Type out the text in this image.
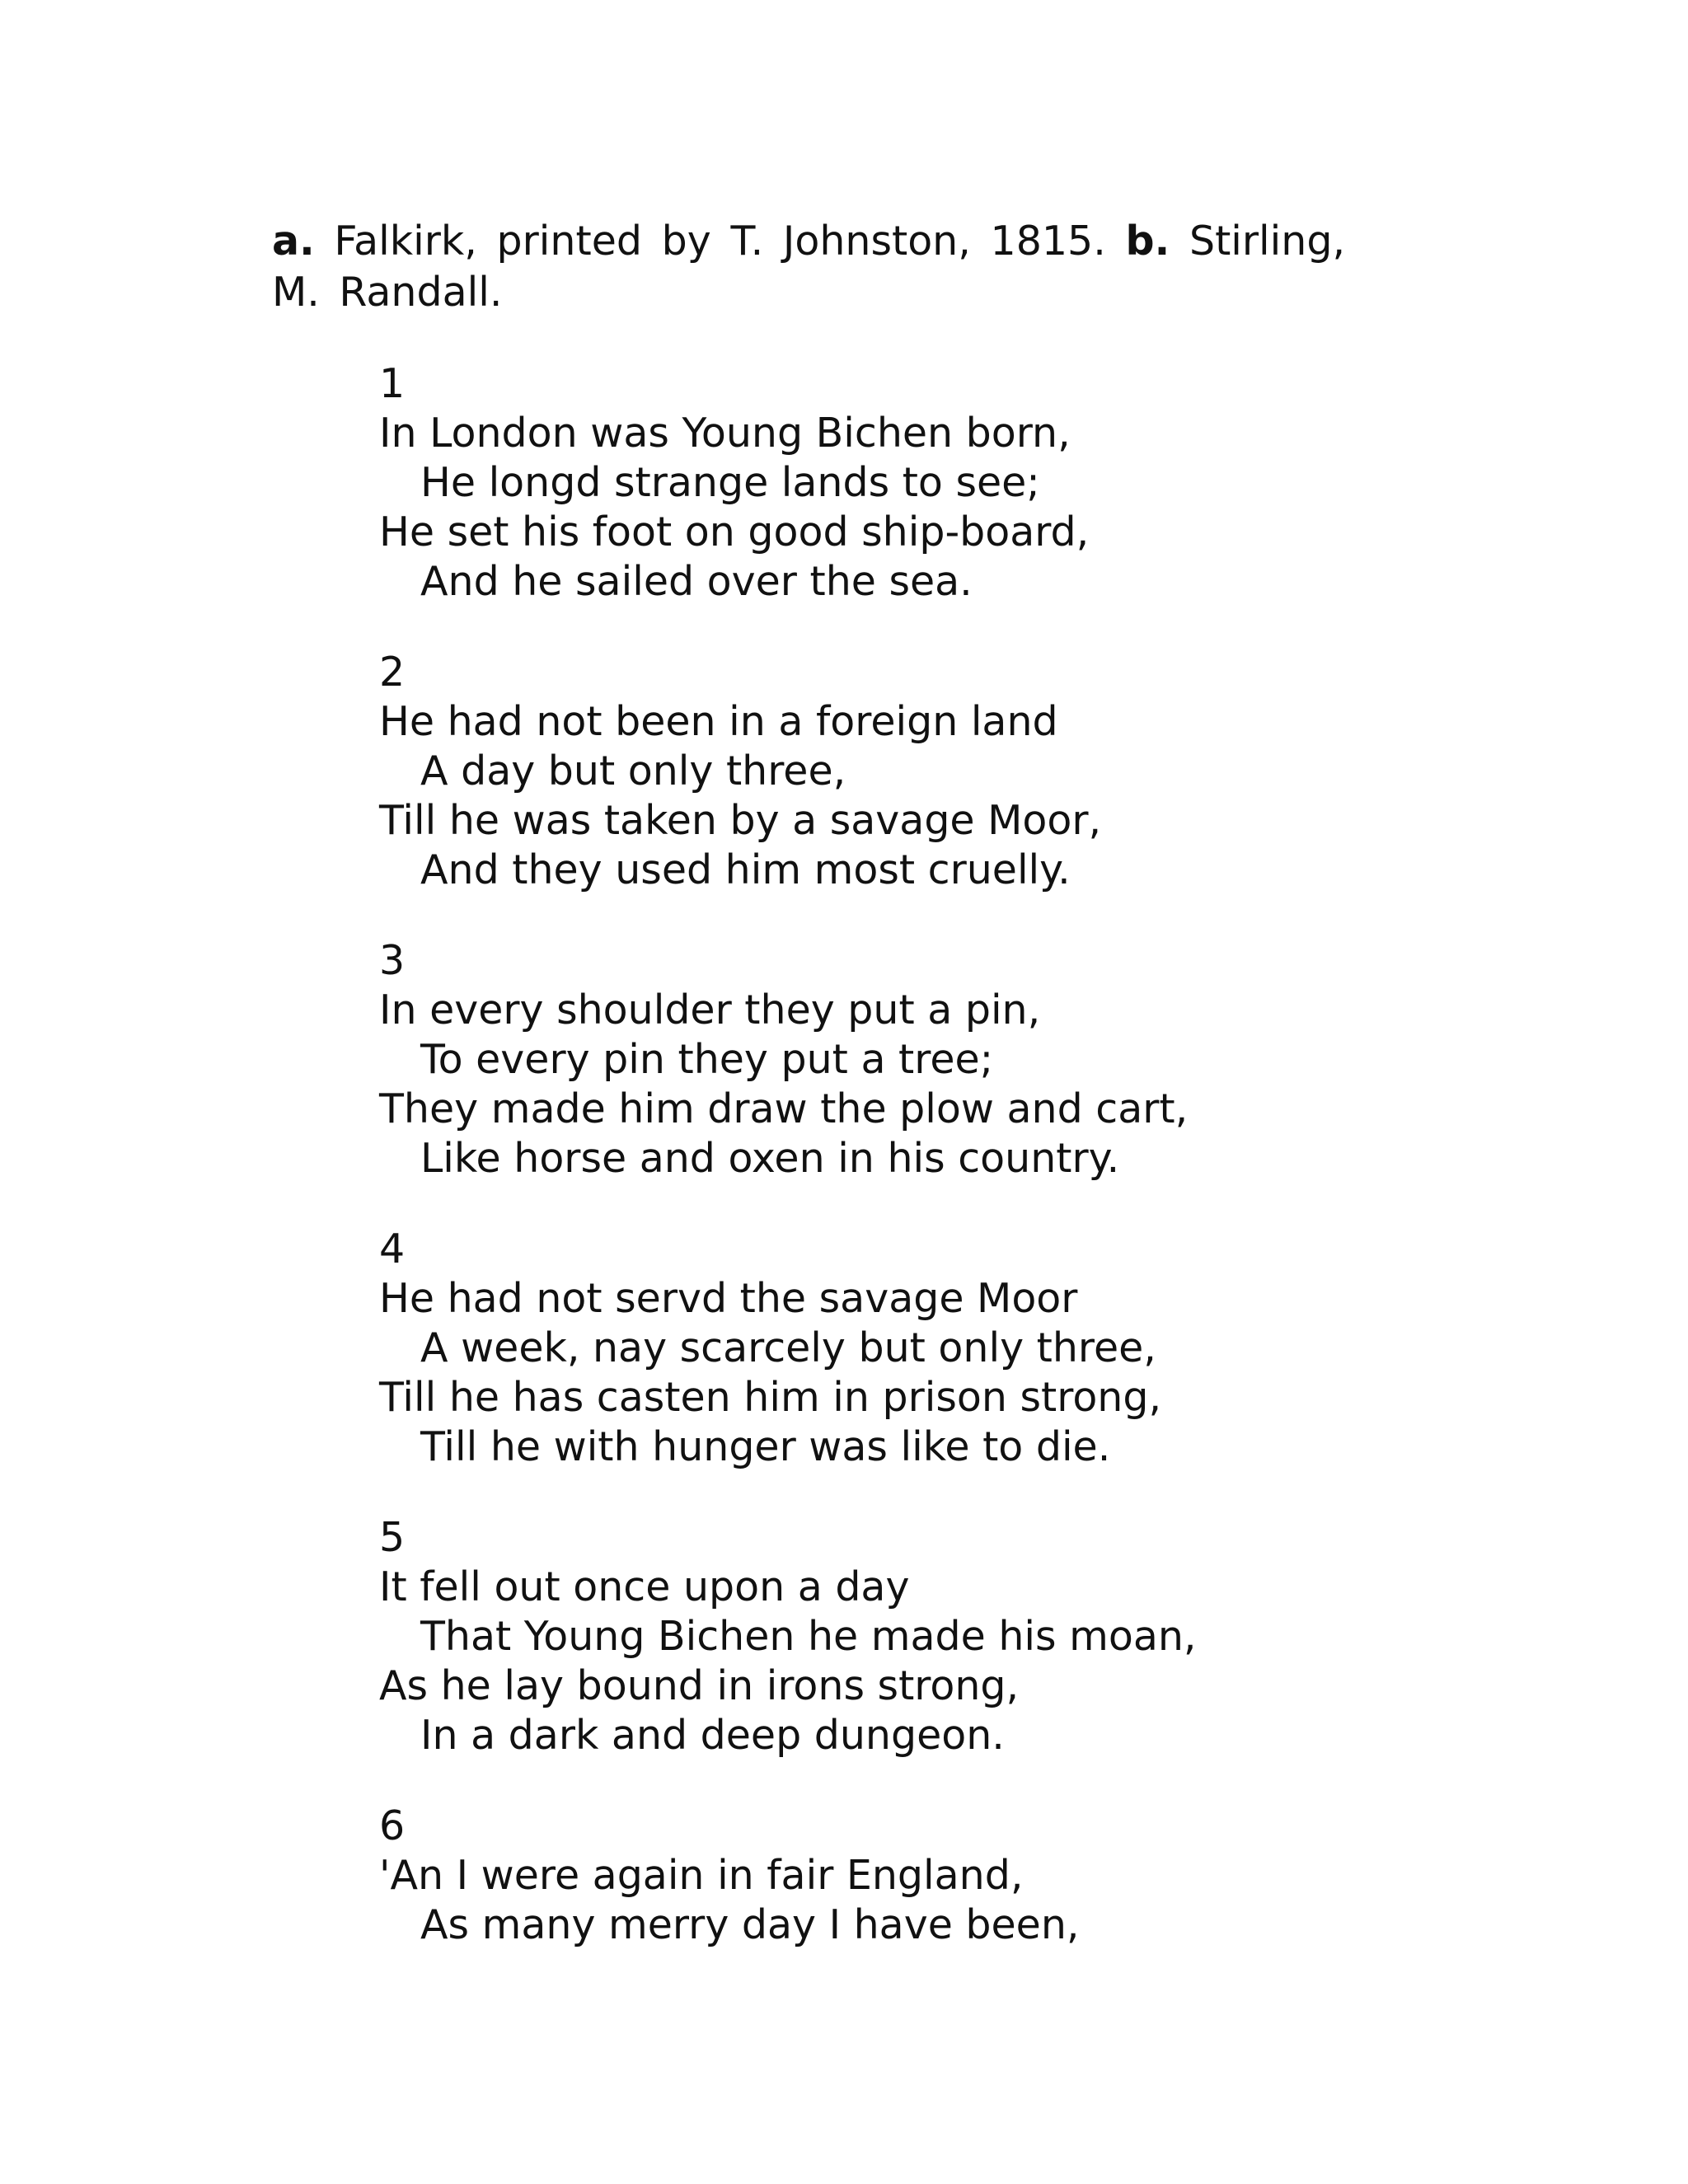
a. Falkirk, printed by T. Johnston, 1815. b. Stirling, M. Randall.
1
In London was Young Bichen born,
He longd strange lands to see;
He set his foot on good ship-board,
And he sailed over the sea.
2
He had not been in a foreign land
A day but only three,
Till he was taken by a savage Moor,
And they used him most cruelly.
3
In every shoulder they put a pin,
To every pin they put a tree;
They made him draw the plow and cart,
Like horse and oxen in his country.
4
He had not servd the savage Moor
A week, nay scarcely but only three,
Till he has casten him in prison strong,
Till he with hunger was like to die.
5
It fell out once upon a day
That Young Bichen he made his moan,
As he lay bound in irons strong,
In a dark and deep dungeon.
6
'An I were again in fair England,
As many merry day I have been,
